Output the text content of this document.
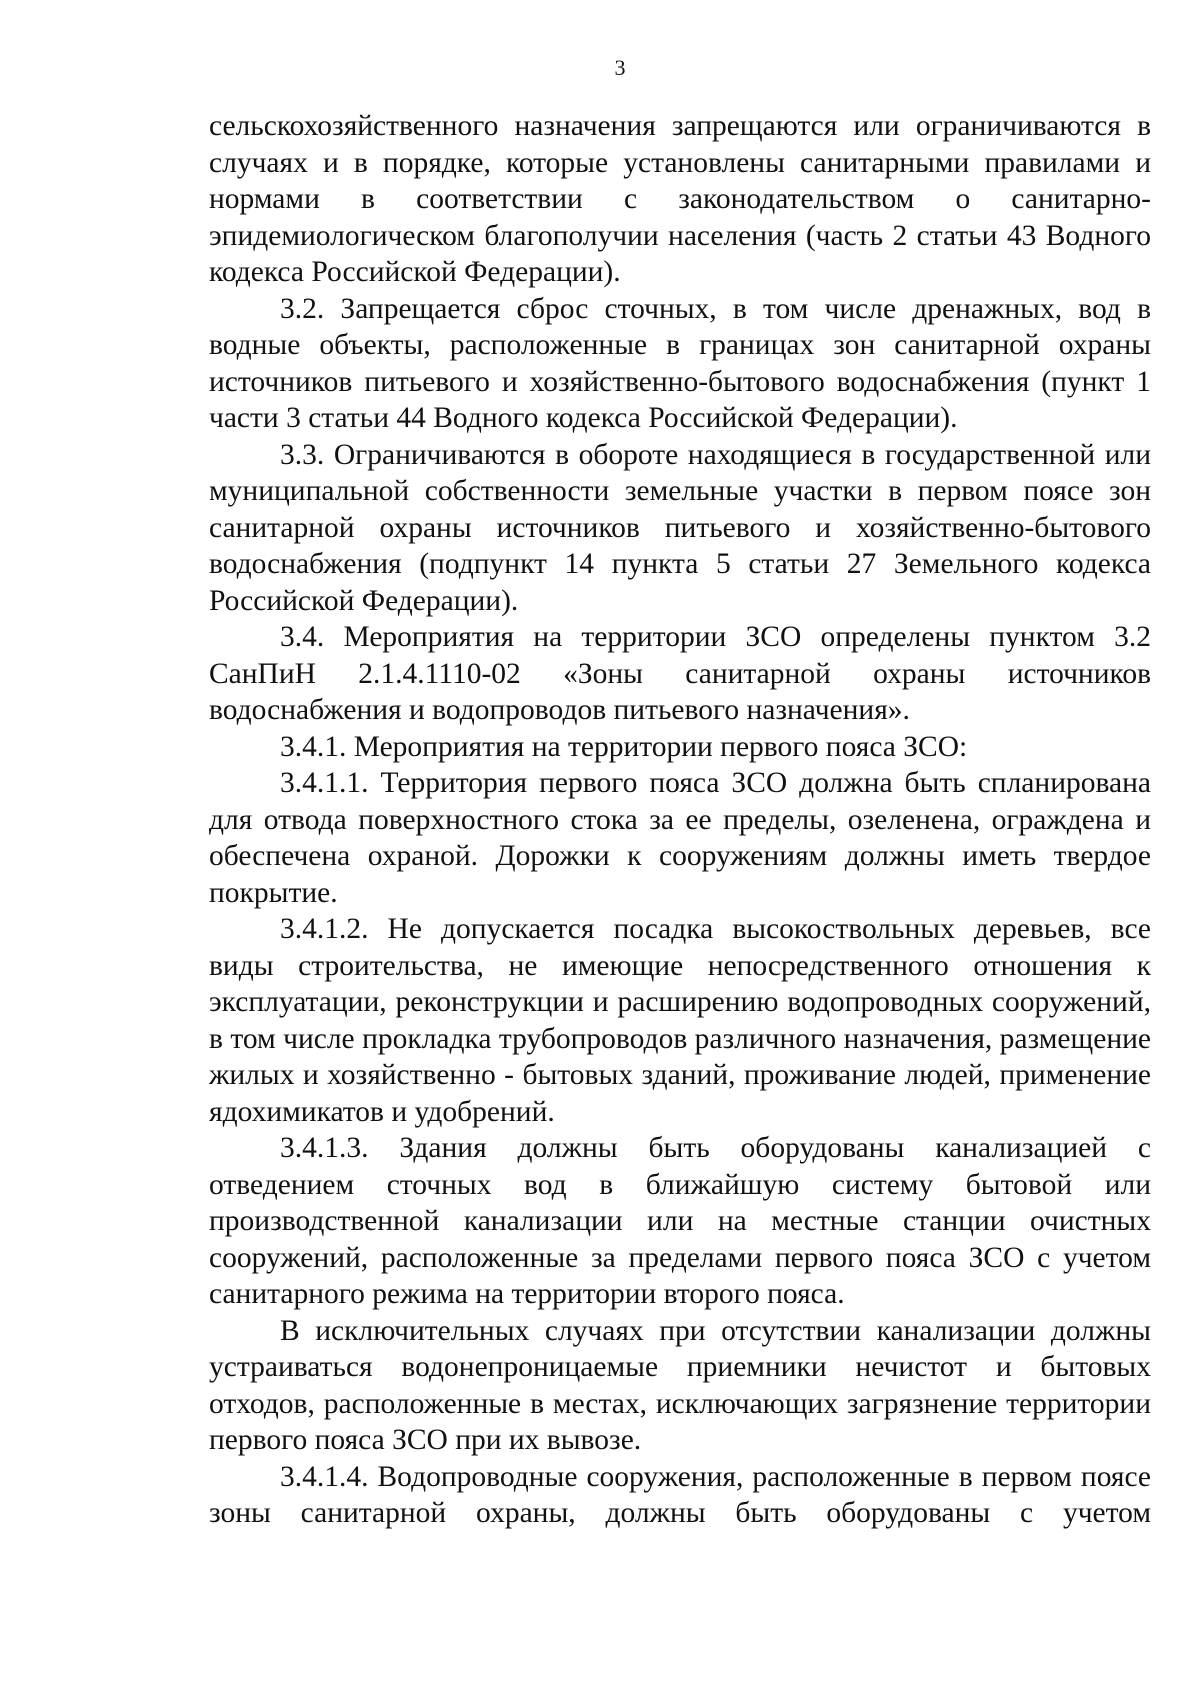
3

сельскохозяйственного назначения запрещаются или ограничиваются в случаях и в порядке, которые установлены санитарными правилами и нормами в соответствии с законодательством о санитарно-эпидемиологическом благополучии населения (часть 2 статьи 43 Водного кодекса Российской Федерации).

3.2. Запрещается сброс сточных, в том числе дренажных, вод в водные объекты, расположенные в границах зон санитарной охраны источников питьевого и хозяйственно-бытового водоснабжения (пункт 1 части 3 статьи 44 Водного кодекса Российской Федерации).

3.3. Ограничиваются в обороте находящиеся в государственной или муниципальной собственности земельные участки в первом поясе зон санитарной охраны источников питьевого и хозяйственно-бытового водоснабжения (подпункт 14 пункта 5 статьи 27 Земельного кодекса Российской Федерации).

3.4. Мероприятия на территории ЗСО определены пунктом 3.2 СанПиН 2.1.4.1110-02 «Зоны санитарной охраны источников водоснабжения и водопроводов питьевого назначения».

3.4.1. Мероприятия на территории первого пояса ЗСО:

3.4.1.1. Территория первого пояса ЗСО должна быть спланирована для отвода поверхностного стока за ее пределы, озеленена, ограждена и обеспечена охраной. Дорожки к сооружениям должны иметь твердое покрытие.

3.4.1.2. Не допускается посадка высокоствольных деревьев, все виды строительства, не имеющие непосредственного отношения к эксплуатации, реконструкции и расширению водопроводных сооружений, в том числе прокладка трубопроводов различного назначения, размещение жилых и хозяйственно - бытовых зданий, проживание людей, применение ядохимикатов и удобрений.

3.4.1.3. Здания должны быть оборудованы канализацией с отведением сточных вод в ближайшую систему бытовой или производственной канализации или на местные станции очистных сооружений, расположенные за пределами первого пояса ЗСО с учетом санитарного режима на территории второго пояса.

В исключительных случаях при отсутствии канализации должны устраиваться водонепроницаемые приемники нечистот и бытовых отходов, расположенные в местах, исключающих загрязнение территории первого пояса ЗСО при их вывозе.

3.4.1.4. Водопроводные сооружения, расположенные в первом поясе зоны санитарной охраны, должны быть оборудованы с учетом
